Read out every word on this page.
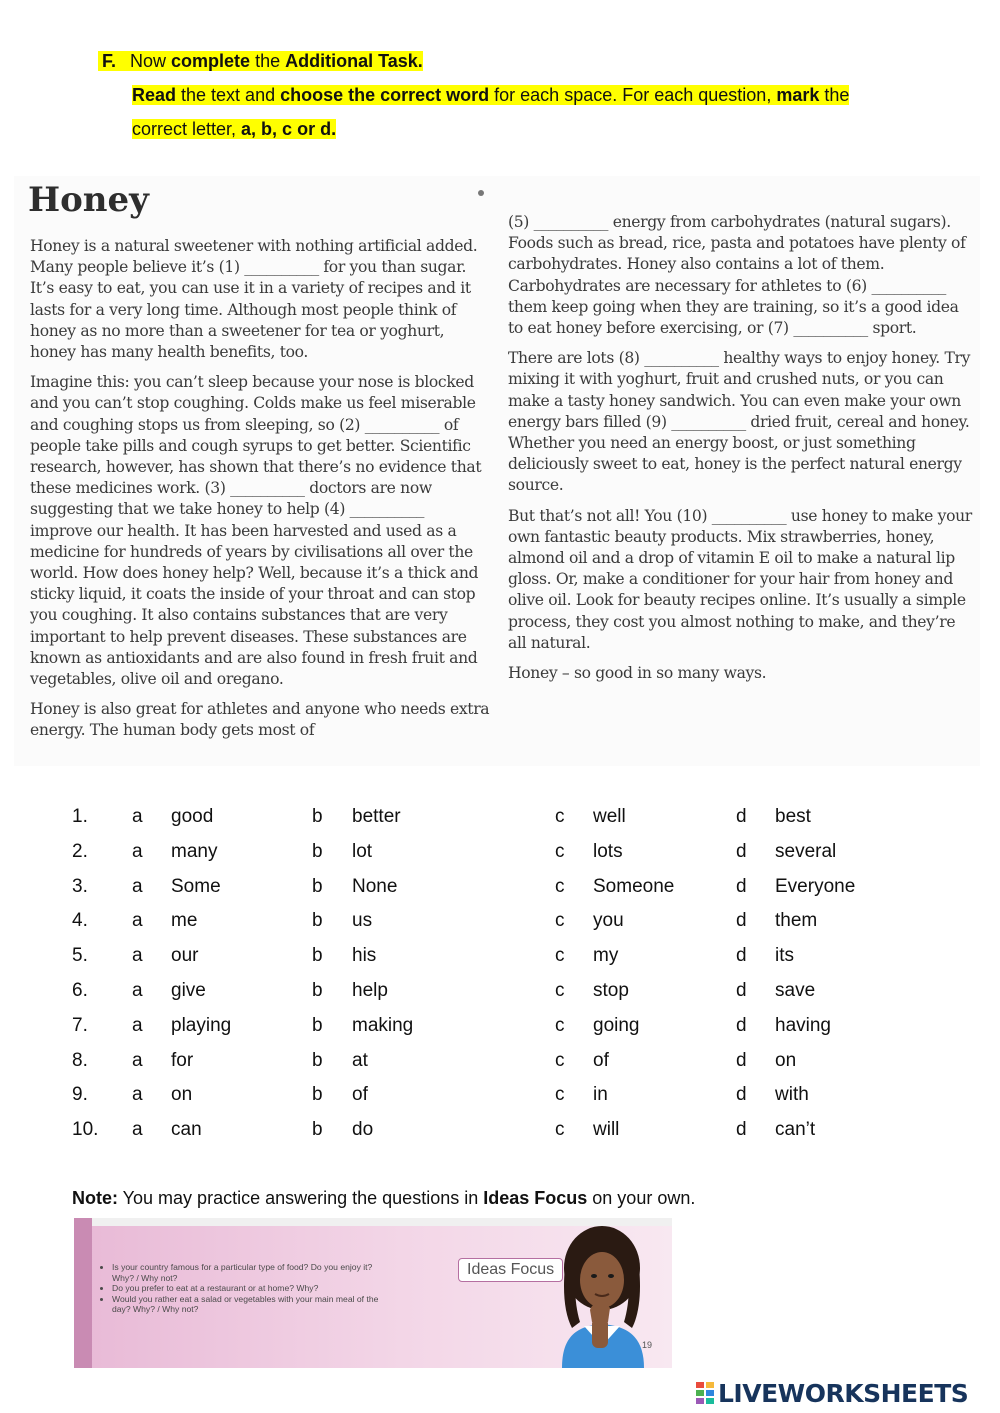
F. Now complete the Additional Task.
Read the text and choose the correct word for each space. For each question, mark the
correct letter, a, b, c or d.
Honey

Honey is a natural sweetener with nothing artificial added. Many people believe it’s (1) __________ for you than sugar. It’s easy to eat, you can use it in a variety of recipes and it lasts for a very long time. Although most people think of honey as no more than a sweetener for tea or yoghurt, honey has many health benefits, too.

Imagine this: you can’t sleep because your nose is blocked and you can’t stop coughing. Colds make us feel miserable and coughing stops us from sleeping, so (2) __________ of people take pills and cough syrups to get better. Scientific research, however, has shown that there’s no evidence that these medicines work. (3) __________ doctors are now suggesting that we take honey to help (4) __________ improve our health. It has been harvested and used as a medicine for hundreds of years by civilisations all over the world. How does honey help? Well, because it’s a thick and sticky liquid, it coats the inside of your throat and can stop you coughing. It also contains substances that are very important to help prevent diseases. These substances are known as antioxidants and are also found in fresh fruit and vegetables, olive oil and oregano.

Honey is also great for athletes and anyone who needs extra energy. The human body gets most of

(5) __________ energy from carbohydrates (natural sugars). Foods such as bread, rice, pasta and potatoes have plenty of carbohydrates. Honey also contains a lot of them. Carbohydrates are necessary for athletes to (6) __________ them keep going when they are training, so it’s a good idea to eat honey before exercising, or (7) __________ sport.

There are lots (8) __________ healthy ways to enjoy honey. Try mixing it with yoghurt, fruit and crushed nuts, or you can make a tasty honey sandwich. You can even make your own energy bars filled (9) __________ dried fruit, cereal and honey. Whether you need an energy boost, or just something deliciously sweet to eat, honey is the perfect natural energy source.

But that’s not all! You (10) __________ use honey to make your own fantastic beauty products. Mix strawberries, honey, almond oil and a drop of vitamin E oil to make a natural lip gloss. Or, make a conditioner for your hair from honey and olive oil. Look for beauty recipes online. It’s usually a simple process, they cost you almost nothing to make, and they’re all natural.

Honey – so good in so many ways.

1. a good	b better	c well	d best
2. a many	b lot	c lots	d several
3. a Some	b None	c Someone	d Everyone
4. a me	b us	c you	d them
5. a our	b his	c my	d its
6. a give	b help	c stop	d save
7. a playing	b making	c going	d having
8. a for	b at	c of	d on
9. a on	b of	c in	d with
10. a can	b do	c will	d can’t
Note: You may practice answering the questions in Ideas Focus on your own.
• Is your country famous for a particular type of food? Do you enjoy it? Why? / Why not?
• Do you prefer to eat at a restaurant or at home? Why?
• Would you rather eat a salad or vegetables with your main meal of the day? Why? / Why not?
Ideas Focus
19
LIVEWORKSHEETS
